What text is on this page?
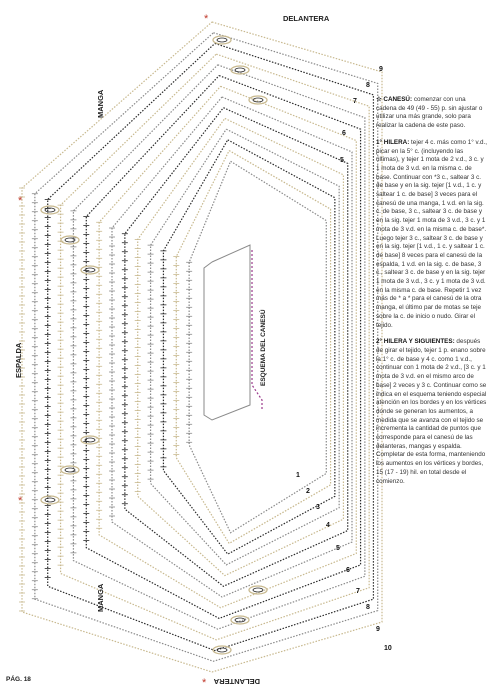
DELANTERA
DELANTERA
MANGA
MANGA
ESPALDA	ESQUEMA DEL CANESÚ
PÁG. 18
*
*
*
*
9
8
7
6
5
1
2
3
4
5
6
7
8
9
10

☆ CANESÚ: comenzar con una cadena de 49 (49 - 55) p. sin ajustar o utilizar una más grande, solo para realizar la cadena de este paso.

1° HILERA: tejer 4 c. más como 1° v.d., picar en la 5° c. (incluyendo las últimas), y tejer 1 mota de 2 v.d., 3 c. y 1 mota de 3 v.d. en la misma c. de base. Continuar con *3 c., saltear 3 c. de base y en la sig. tejer [1 v.d., 1 c. y saltear 1 c. de base] 3 veces para el canesú de una manga, 1 v.d. en la sig. c. de base, 3 c., saltear 3 c. de base y en la sig. tejer 1 mota de 3 v.d., 3 c. y 1 mota de 3 v.d. en la misma c. de base*. Luego tejer 3 c., saltear 3 c. de base y en la sig. tejer [1 v.d., 1 c. y saltear 1 c. de base] 8 veces para el canesú de la espalda, 1 v.d. en la sig. c. de base, 3 c., saltear 3 c. de base y en la sig. tejer 1 mota de 3 v.d., 3 c. y 1 mota de 3 v.d. en la misma c. de base. Repetir 1 vez más de * a * para el canesú de la otra manga, el último par de motas se teje sobre la c. de inicio o nudo. Girar el tejido.

2° HILERA Y SIGUIENTES: después de girar el tejido, tejer 1 p. enano sobre la 1° c. de base y 4 c. como 1 v.d., continuar con 1 mota de 2 v.d., [3 c. y 1 mota de 3 v.d. en el mismo arco de base] 2 veces y 3 c. Continuar como se indica en el esquema teniendo especial atención en los bordes y en los vértices donde se generan los aumentos, a medida que se avanza con el tejido se incrementa la cantidad de puntos que corresponde para el canesú de las delanteras, mangas y espalda. Completar de esta forma, manteniendo los aumentos en los vértices y bordes, 15 (17 - 19) hil. en total desde el comienzo.
